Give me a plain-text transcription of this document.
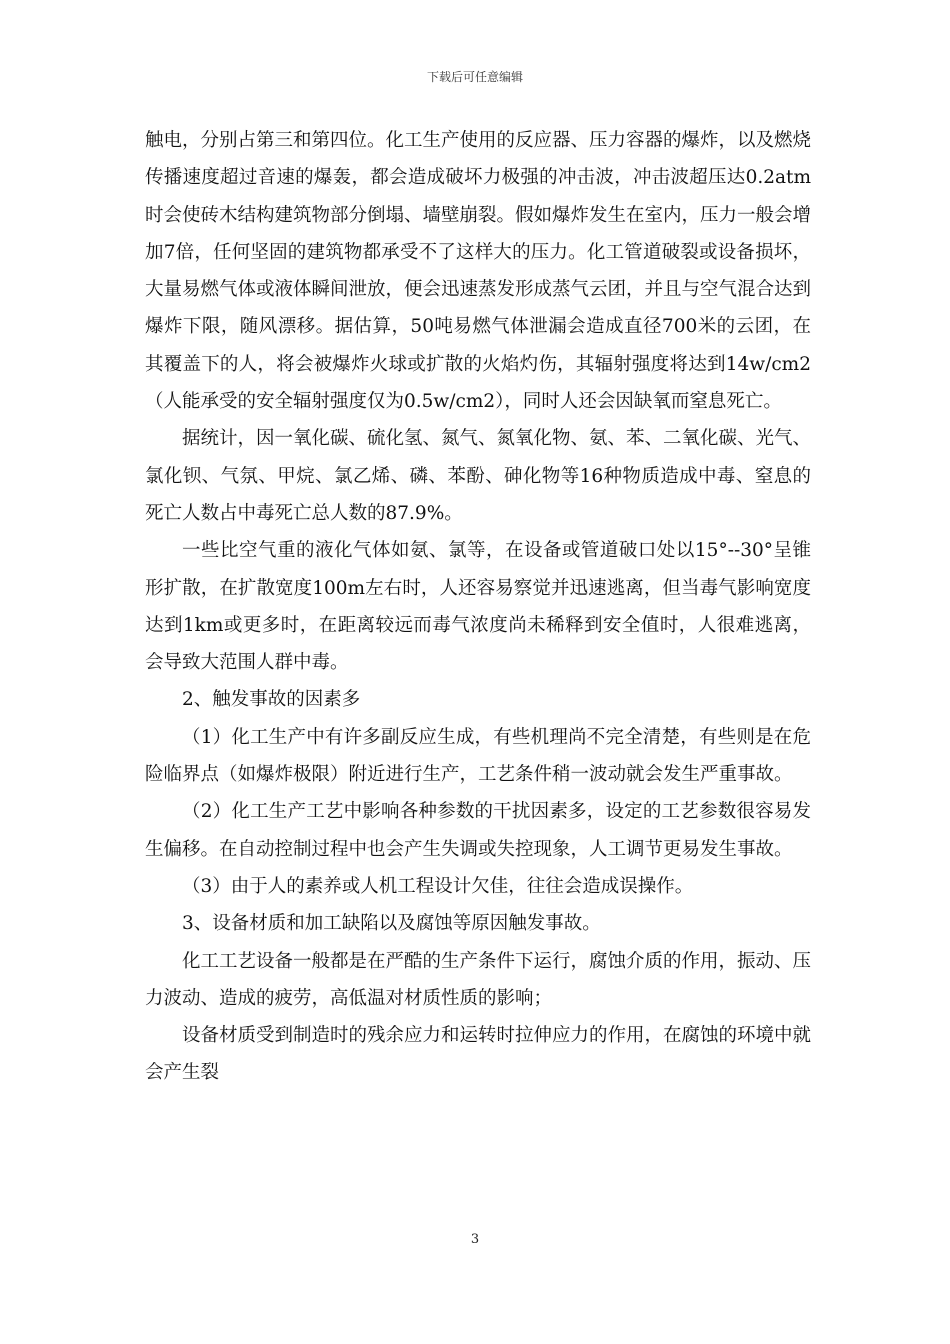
下载后可任意编辑

触电，分别占第三和第四位。化工生产使用的反应器、压力容器的爆炸，以及燃烧传播速度超过音速的爆轰，都会造成破坏力极强的冲击波，冲击波超压达0.2atm时会使砖木结构建筑物部分倒塌、墙壁崩裂。假如爆炸发生在室内，压力一般会增加7倍，任何坚固的建筑物都承受不了这样大的压力。化工管道破裂或设备损坏，大量易燃气体或液体瞬间泄放，便会迅速蒸发形成蒸气云团，并且与空气混合达到爆炸下限，随风漂移。据估算，50吨易燃气体泄漏会造成直径700米的云团，在其覆盖下的人，将会被爆炸火球或扩散的火焰灼伤，其辐射强度将达到14w/cm2（人能承受的安全辐射强度仅为0.5w/cm2），同时人还会因缺氧而窒息死亡。

据统计，因一氧化碳、硫化氢、氮气、氮氧化物、氨、苯、二氧化碳、光气、氯化钡、气氛、甲烷、氯乙烯、磷、苯酚、砷化物等16种物质造成中毒、窒息的死亡人数占中毒死亡总人数的87.9%。

一些比空气重的液化气体如氨、氯等，在设备或管道破口处以15°--30°呈锥形扩散，在扩散宽度100m左右时，人还容易察觉并迅速逃离，但当毒气影响宽度达到1km或更多时，在距离较远而毒气浓度尚未稀释到安全值时，人很难逃离，会导致大范围人群中毒。

2、触发事故的因素多

（1）化工生产中有许多副反应生成，有些机理尚不完全清楚，有些则是在危险临界点（如爆炸极限）附近进行生产，工艺条件稍一波动就会发生严重事故。

（2）化工生产工艺中影响各种参数的干扰因素多，设定的工艺参数很容易发生偏移。在自动控制过程中也会产生失调或失控现象，人工调节更易发生事故。

（3）由于人的素养或人机工程设计欠佳，往往会造成误操作。

3、设备材质和加工缺陷以及腐蚀等原因触发事故。

化工工艺设备一般都是在严酷的生产条件下运行，腐蚀介质的作用，振动、压力波动、造成的疲劳，高低温对材质性质的影响；

设备材质受到制造时的残余应力和运转时拉伸应力的作用，在腐蚀的环境中就会产生裂

3
